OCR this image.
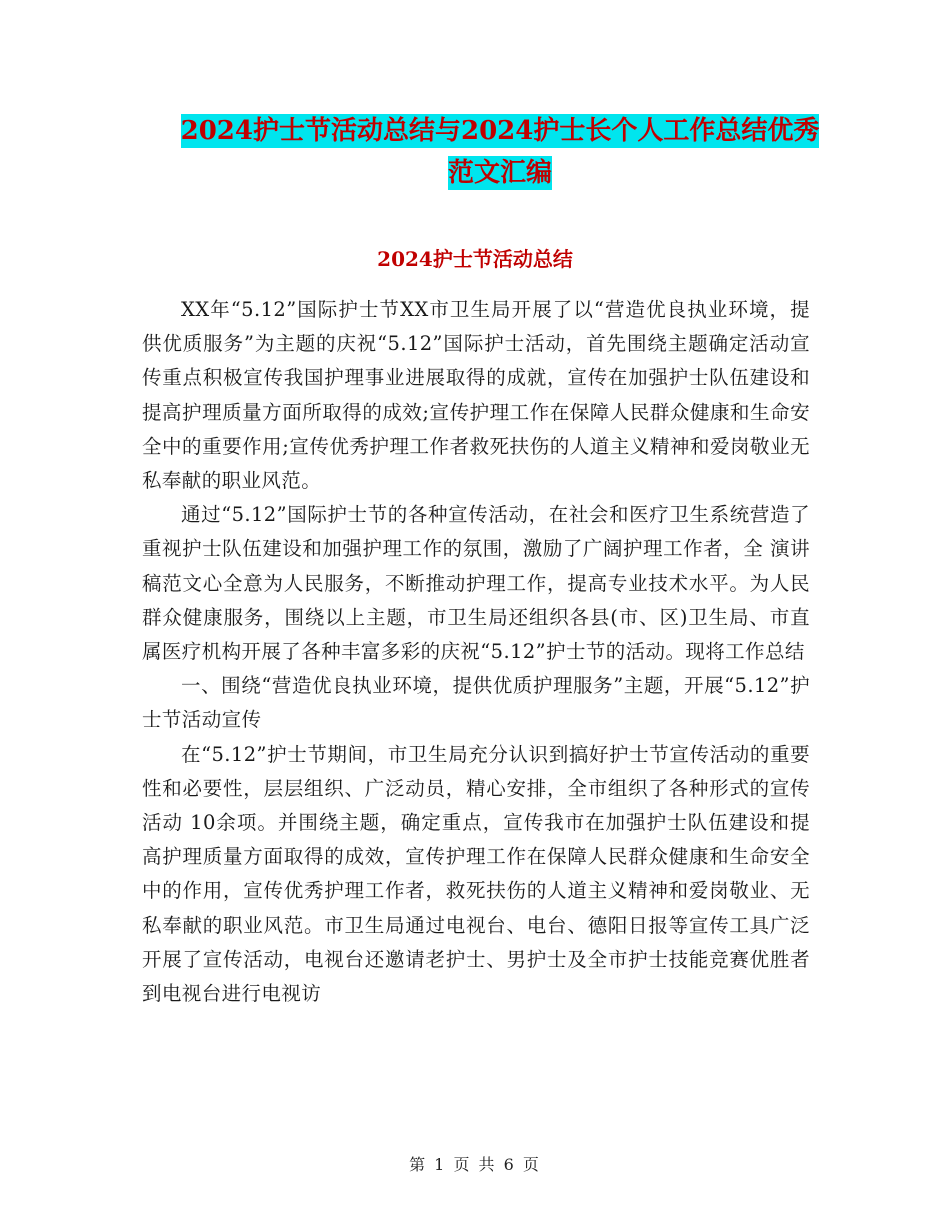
2024护士节活动总结与2024护士长个人工作总结优秀
范文汇编
2024护士节活动总结

XX年“5.12”国际护士节XX市卫生局开展了以“营造优良执业环境，提供优质服务”为主题的庆祝“5.12”国际护士活动，首先围绕主题确定活动宣传重点积极宣传我国护理事业进展取得的成就，宣传在加强护士队伍建设和提高护理质量方面所取得的成效;宣传护理工作在保障人民群众健康和生命安全中的重要作用;宣传优秀护理工作者救死扶伤的人道主义精神和爱岗敬业无私奉献的职业风范。

通过“5.12”国际护士节的各种宣传活动，在社会和医疗卫生系统营造了重视护士队伍建设和加强护理工作的氛围，激励了广阔护理工作者，全 演讲稿范文心全意为人民服务，不断推动护理工作，提高专业技术水平。为人民群众健康服务，围绕以上主题，市卫生局还组织各县(市、区)卫生局、市直属医疗机构开展了各种丰富多彩的庆祝“5.12”护士节的活动。现将工作总结

一、围绕“营造优良执业环境，提供优质护理服务”主题，开展“5.12”护士节活动宣传

在“5.12”护士节期间，市卫生局充分认识到搞好护士节宣传活动的重要性和必要性，层层组织、广泛动员，精心安排，全市组织了各种形式的宣传活动 10余项。并围绕主题，确定重点，宣传我市在加强护士队伍建设和提高护理质量方面取得的成效，宣传护理工作在保障人民群众健康和生命安全中的作用，宣传优秀护理工作者，救死扶伤的人道主义精神和爱岗敬业、无私奉献的职业风范。市卫生局通过电视台、电台、德阳日报等宣传工具广泛开展了宣传活动，电视台还邀请老护士、男护士及全市护士技能竞赛优胜者到电视台进行电视访

第 1 页 共 6 页
